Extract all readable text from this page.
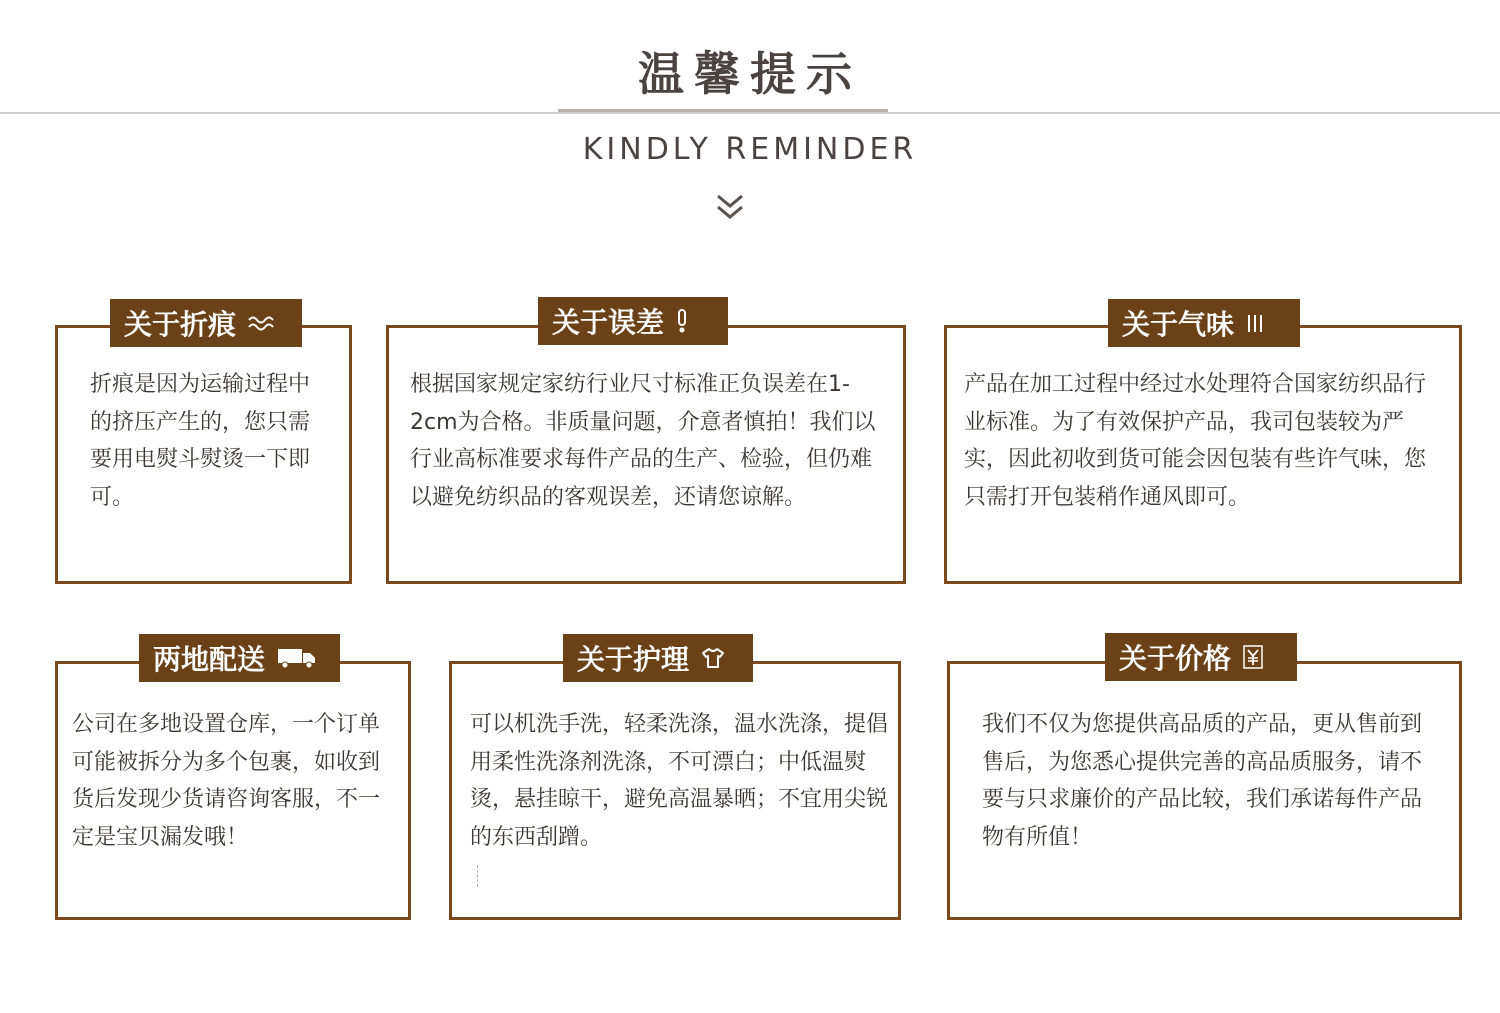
温馨提示
KINDLY REMINDER
关于折痕
折痕是因为运输过程中的挤压产生的，您只需要用电熨斗熨烫一下即可。
关于误差
根据国家规定家纺行业尺寸标准正负误差在1-2cm为合格。非质量问题，介意者慎拍！我们以行业高标准要求每件产品的生产、检验，但仍难以避免纺织品的客观误差，还请您谅解。
关于气味
产品在加工过程中经过水处理符合国家纺织品行业标准。为了有效保护产品，我司包装较为严实，因此初收到货可能会因包装有些许气味，您只需打开包装稍作通风即可。
两地配送
公司在多地设置仓库，一个订单可能被拆分为多个包裹，如收到货后发现少货请咨询客服，不一定是宝贝漏发哦！
关于护理
可以机洗手洗，轻柔洗涤，温水洗涤，提倡用柔性洗涤剂洗涤，不可漂白；中低温熨烫，悬挂晾干，避免高温暴晒；不宜用尖锐的东西刮蹭。
关于价格
我们不仅为您提供高品质的产品，更从售前到售后，为您悉心提供完善的高品质服务，请不要与只求廉价的产品比较，我们承诺每件产品物有所值！
